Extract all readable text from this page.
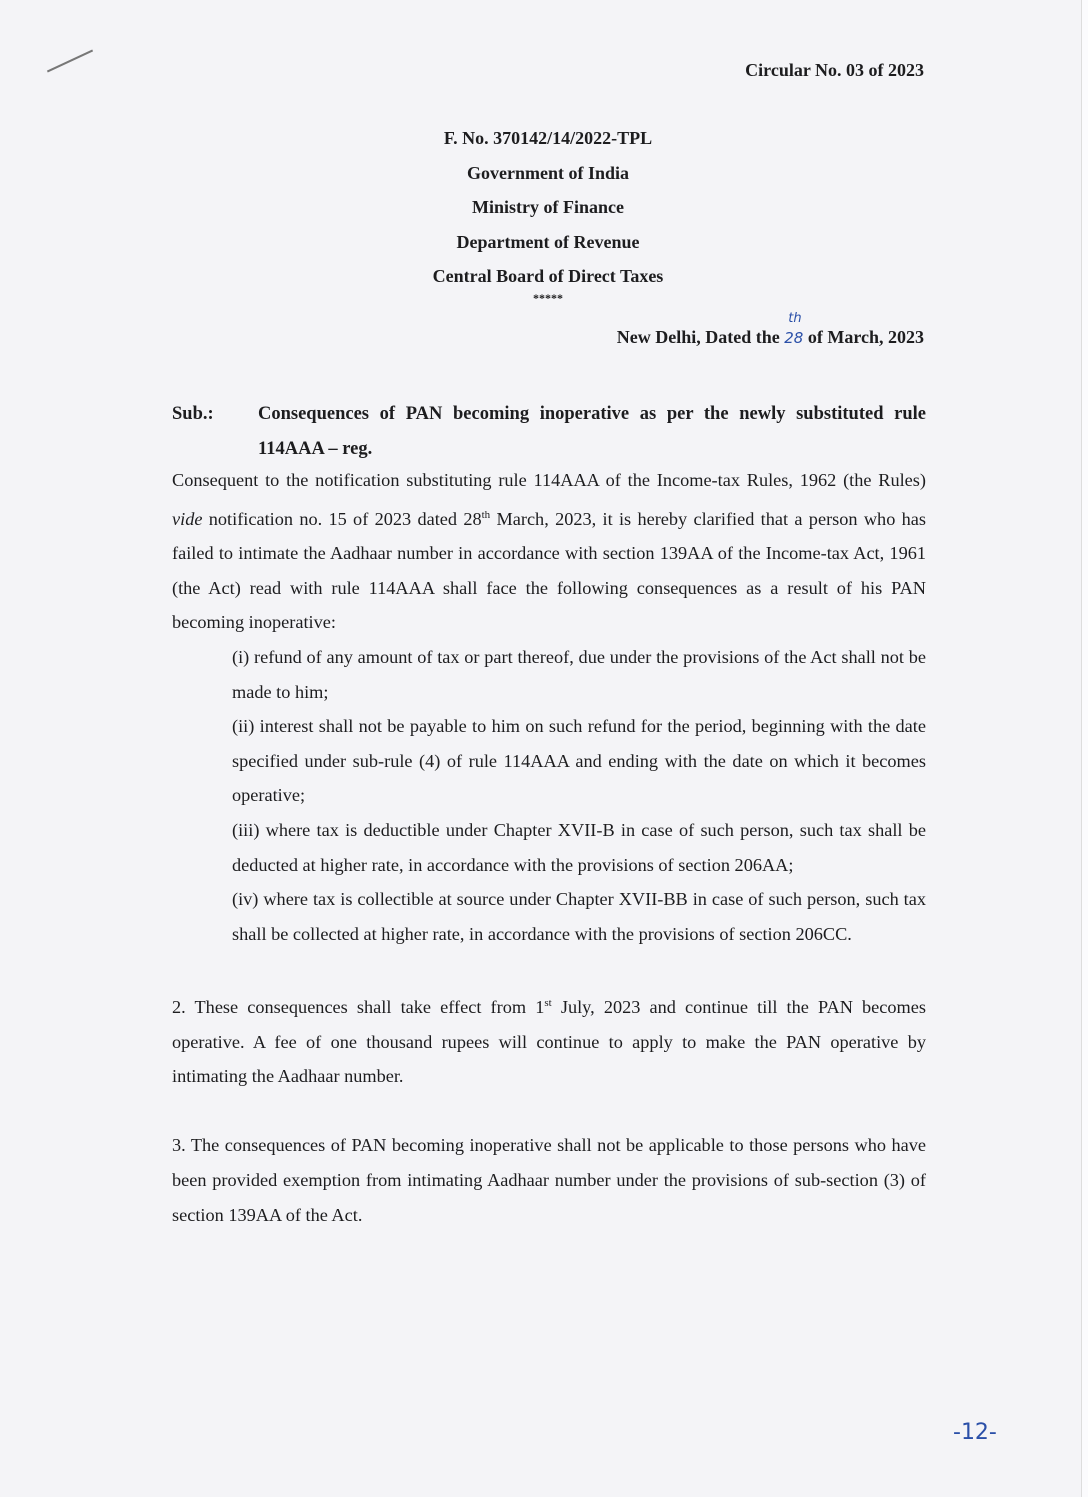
Circular No. 03 of 2023
F. No. 370142/14/2022-TPL
Government of India
Ministry of Finance
Department of Revenue
Central Board of Direct Taxes
*****
New Delhi, Dated the 28
th
of March, 2023
Sub.: Consequences of PAN becoming inoperative as per the newly substituted rule 114AAA – reg.

Consequent to the notification substituting rule 114AAA of the Income-tax Rules, 1962 (the Rules) vide notification no. 15 of 2023 dated 28th March, 2023, it is hereby clarified that a person who has failed to intimate the Aadhaar number in accordance with section 139AA of the Income-tax Act, 1961 (the Act) read with rule 114AAA shall face the following consequences as a result of his PAN becoming inoperative:

(i) refund of any amount of tax or part thereof, due under the provisions of the Act shall not be made to him;

(ii) interest shall not be payable to him on such refund for the period, beginning with the date specified under sub-rule (4) of rule 114AAA and ending with the date on which it becomes operative;

(iii) where tax is deductible under Chapter XVII-B in case of such person, such tax shall be deducted at higher rate, in accordance with the provisions of section 206AA;

(iv) where tax is collectible at source under Chapter XVII-BB in case of such person, such tax shall be collected at higher rate, in accordance with the provisions of section 206CC.

2. These consequences shall take effect from 1st July, 2023 and continue till the PAN becomes operative. A fee of one thousand rupees will continue to apply to make the PAN operative by intimating the Aadhaar number.

3. The consequences of PAN becoming inoperative shall not be applicable to those persons who have been provided exemption from intimating Aadhaar number under the provisions of sub-section (3) of section 139AA of the Act.

-12-
